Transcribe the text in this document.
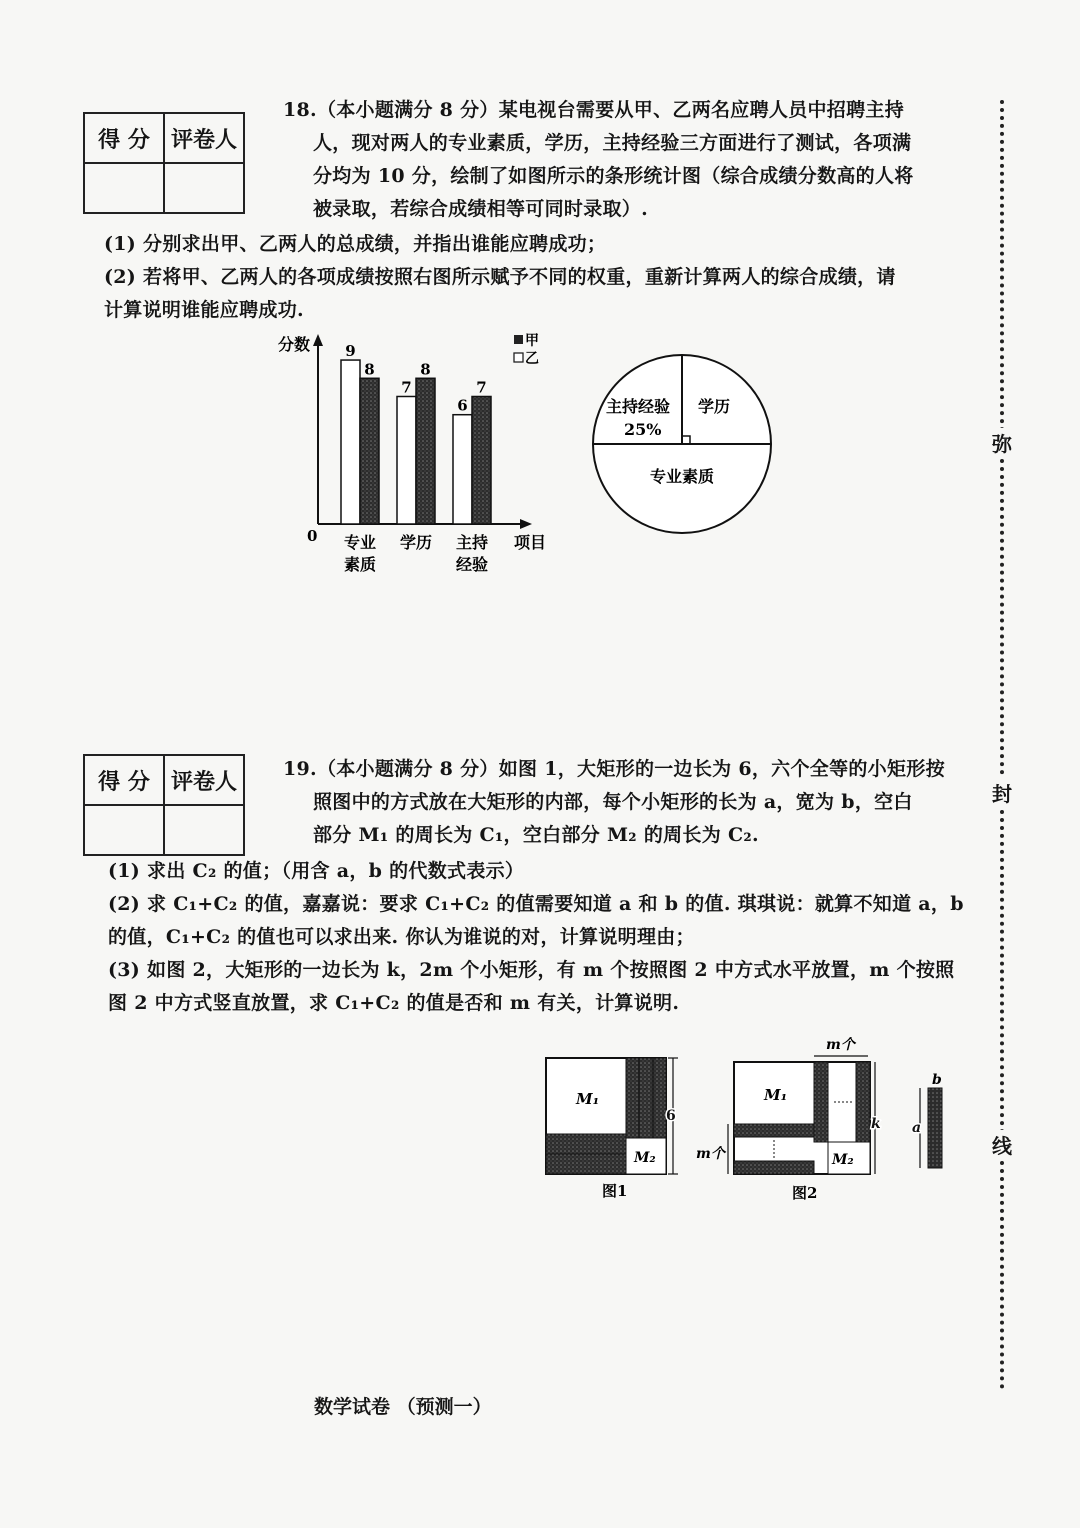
弥
封
线
得 分	评卷人

18.（本小题满分 8 分）某电视台需要从甲、乙两名应聘人员中招聘主持
人，现对两人的专业素质，学历，主持经验三方面进行了测试，各项满
分均为 10 分，绘制了如图所示的条形统计图（综合成绩分数高的人将
被录取，若综合成绩相等可同时录取）.
(1) 分别求出甲、乙两人的总成绩，并指出谁能应聘成功；
(2) 若将甲、乙两人的各项成绩按照右图所示赋予不同的权重，重新计算两人的综合成绩，请
计算说明谁能应聘成功.
分数
0	项目
9
8
7
8
6
7
专业
素质
学历 主持
经验
甲
乙
主持经验
25%
学历
专业素质
得 分	评卷人
	19.（本小题满分 8 分）如图 1，大矩形的一边长为 6，六个全等的小矩形按
照图中的方式放在大矩形的内部，每个小矩形的长为 a，宽为 b，空白
部分 M₁ 的周长为 C₁，空白部分 M₂ 的周长为 C₂.
(1) 求出 C₂ 的值；（用含 a，b 的代数式表示）
(2) 求 C₁+C₂ 的值，嘉嘉说：要求 C₁+C₂ 的值需要知道 a 和 b 的值. 琪琪说：就算不知道 a，b
的值，C₁+C₂ 的值也可以求出来. 你认为谁说的对，计算说明理由；
(3) 如图 2，大矩形的一边长为 k，2m 个小矩形，有 m 个按照图 2 中方式水平放置，m 个按照
图 2 中方式竖直放置，求 C₁+C₂ 的值是否和 m 有关，计算说明.
M₁
M₂
6
图1
m个
M₁
M₂
m个
k
图2
b
a
数学试卷 （预测一）
